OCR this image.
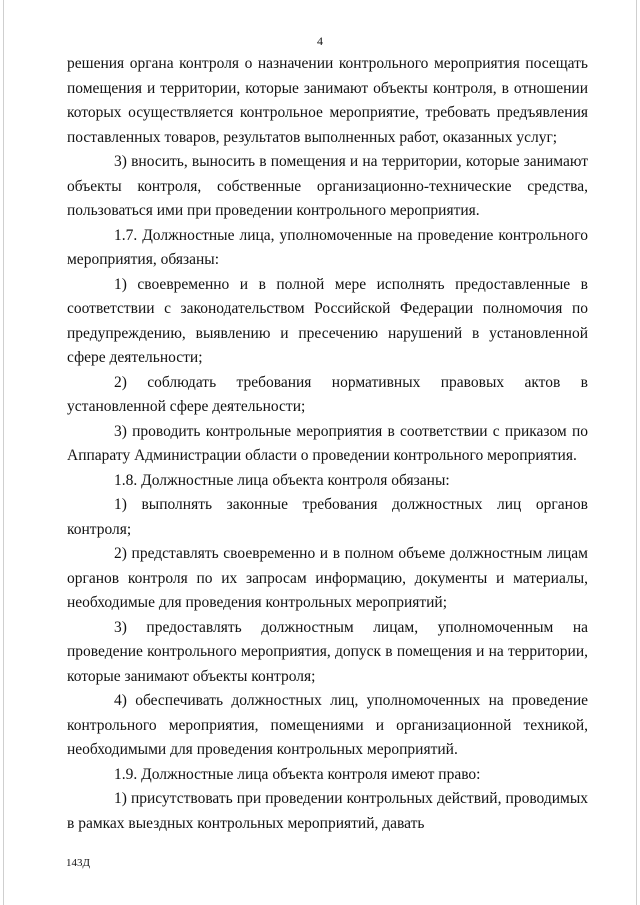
4

решения органа контроля о назначении контрольного мероприятия посещать помещения и территории, которые занимают объекты контроля, в отношении которых осуществляется контрольное мероприятие, требовать предъявления поставленных товаров, результатов выполненных работ, оказанных услуг;

3) вносить, выносить в помещения и на территории, которые занимают объекты контроля, собственные организационно-технические средства, пользоваться ими при проведении контрольного мероприятия.

1.7. Должностные лица, уполномоченные на проведение контрольного мероприятия, обязаны:

1) своевременно и в полной мере исполнять предоставленные в соответствии с законодательством Российской Федерации полномочия по предупреждению, выявлению и пресечению нарушений в установленной сфере деятельности;

2) соблюдать требования нормативных правовых актов в установленной сфере деятельности;

3) проводить контрольные мероприятия в соответствии с приказом по Аппарату Администрации области о проведении контрольного мероприятия.

1.8. Должностные лица объекта контроля обязаны:

1) выполнять законные требования должностных лиц органов контроля;

2) представлять своевременно и в полном объеме должностным лицам органов контроля по их запросам информацию, документы и материалы, необходимые для проведения контрольных мероприятий;

3) предоставлять должностным лицам, уполномоченным на проведение контрольного мероприятия, допуск в помещения и на территории, которые занимают объекты контроля;

4) обеспечивать должностных лиц, уполномоченных на проведение контрольного мероприятия, помещениями и организационной техникой, необходимыми для проведения контрольных мероприятий.

1.9. Должностные лица объекта контроля имеют право:

1) присутствовать при проведении контрольных действий, проводимых в рамках выездных контрольных мероприятий, давать

143Д
